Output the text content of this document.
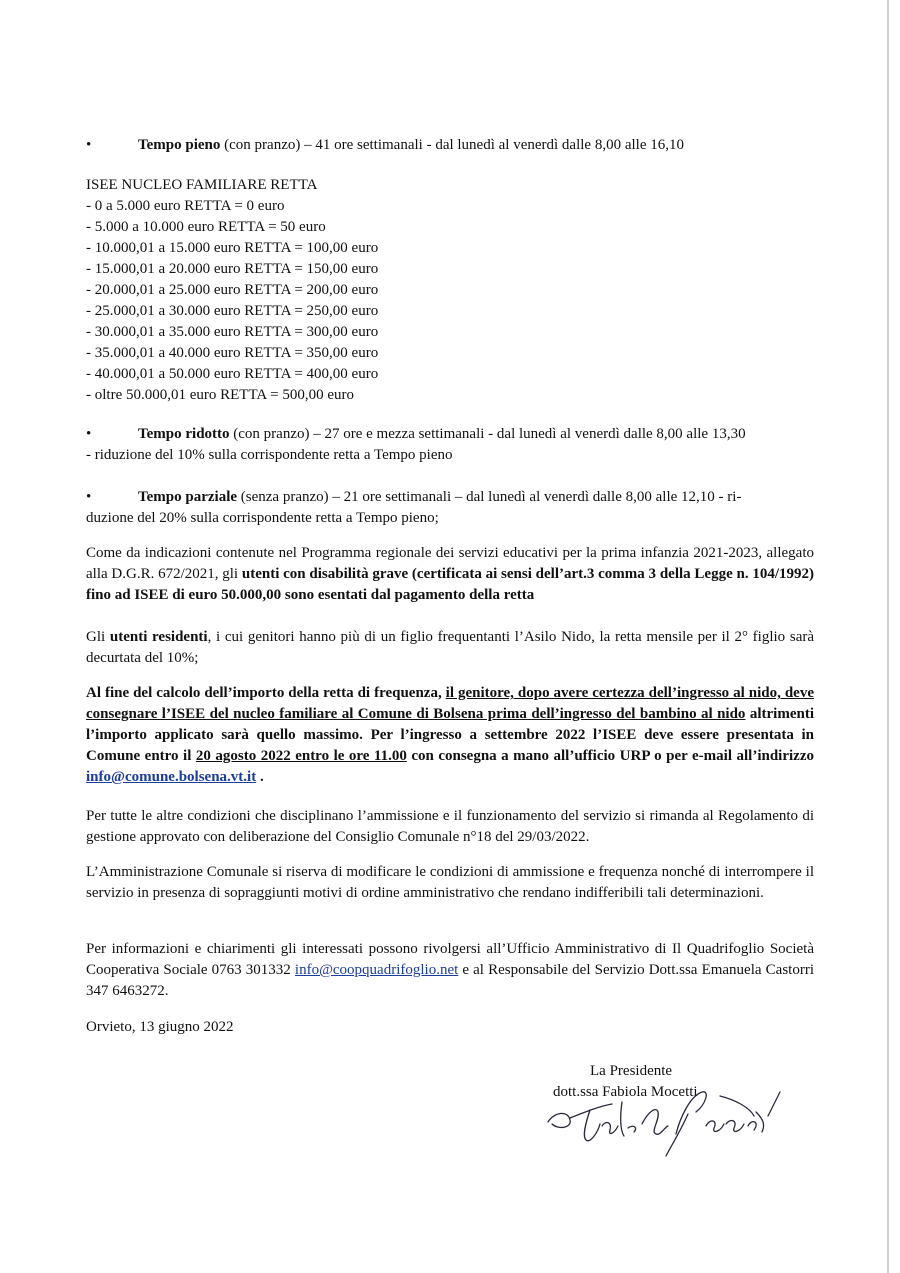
•	Tempo pieno (con pranzo) – 41 ore settimanali - dal lunedì al venerdì dalle 8,00 alle 16,10
ISEE NUCLEO FAMILIARE RETTA
- 0 a 5.000 euro RETTA = 0 euro
- 5.000 a 10.000 euro RETTA = 50 euro
- 10.000,01 a 15.000 euro RETTA = 100,00 euro
- 15.000,01 a 20.000 euro RETTA = 150,00 euro
- 20.000,01 a 25.000 euro RETTA = 200,00 euro
- 25.000,01 a 30.000 euro RETTA = 250,00 euro
- 30.000,01 a 35.000 euro RETTA = 300,00 euro
- 35.000,01 a 40.000 euro RETTA = 350,00 euro
- 40.000,01 a 50.000 euro RETTA = 400,00 euro
- oltre 50.000,01 euro RETTA = 500,00 euro
•	Tempo ridotto (con pranzo) – 27 ore e mezza settimanali - dal lunedì al venerdì dalle 8,00 alle 13,30
- riduzione del 10% sulla corrispondente retta a Tempo pieno
•	Tempo parziale (senza pranzo) – 21 ore settimanali – dal lunedì al venerdì dalle 8,00 alle 12,10 - ri-
duzione del 20% sulla corrispondente retta a Tempo pieno;
Come da indicazioni contenute nel Programma regionale dei servizi educativi per la prima infanzia 2021-2023, allegato alla D.G.R. 672/2021, gli utenti con disabilità grave (certificata ai sensi dell’art.3 comma 3 della Legge n. 104/1992) fino ad ISEE di euro 50.000,00 sono esentati dal pagamento della retta
Gli utenti residenti, i cui genitori hanno più di un figlio frequentanti l’Asilo Nido, la retta mensile per il 2° figlio sarà decurtata del 10%;
Al fine del calcolo dell’importo della retta di frequenza, il genitore, dopo avere certezza dell’ingresso al nido, deve consegnare l’ISEE del nucleo familiare al Comune di Bolsena prima dell’ingresso del bambino al nido altrimenti l’importo applicato sarà quello massimo. Per l’ingresso a settembre 2022 l’ISEE deve essere presentata in Comune entro il 20 agosto 2022 entro le ore 11.00 con consegna a mano all’ufficio URP o per e-mail all’indirizzo info@comune.bolsena.vt.it .
Per tutte le altre condizioni che disciplinano l’ammissione e il funzionamento del servizio si rimanda al Regolamento di gestione approvato con deliberazione del Consiglio Comunale n°18 del 29/03/2022.
L’Amministrazione Comunale si riserva di modificare le condizioni di ammissione e frequenza nonché di interrompere il servizio in presenza di sopraggiunti motivi di ordine amministrativo che rendano indifferibili tali determinazioni.
Per informazioni e chiarimenti gli interessati possono rivolgersi all’Ufficio Amministrativo di Il Quadrifoglio Società Cooperativa Sociale 0763 301332 info@coopquadrifoglio.net e al Responsabile del Servizio Dott.ssa Emanuela Castorri 347 6463272.
Orvieto, 13 giugno 2022
La Presidente
dott.ssa Fabiola Mocetti
